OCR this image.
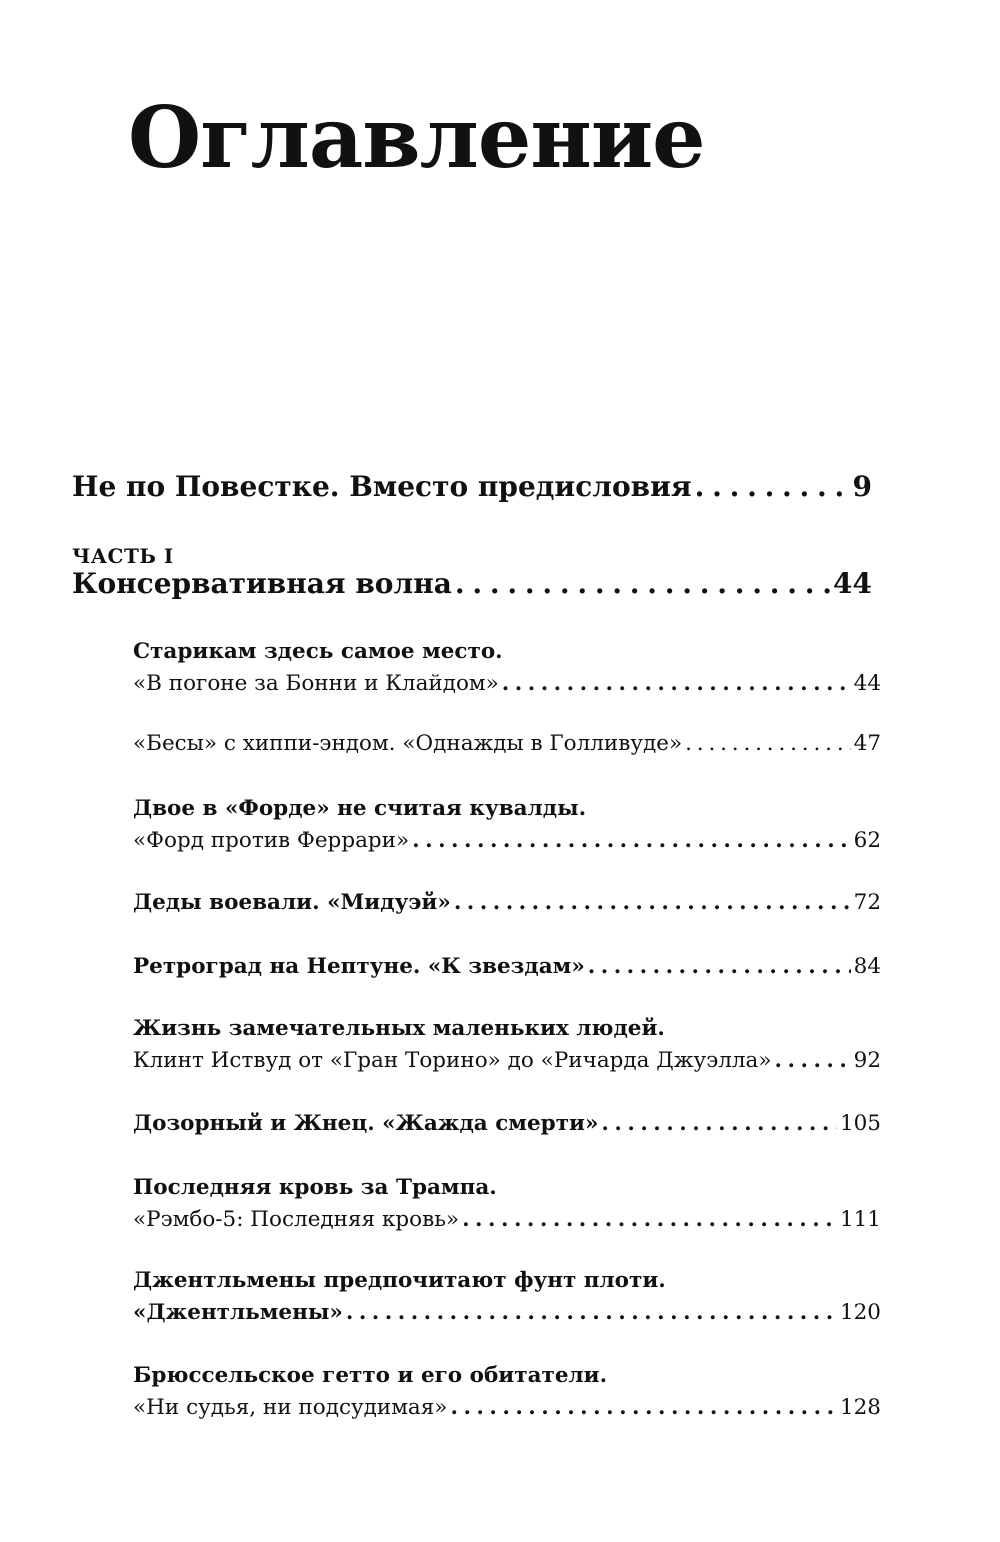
Оглавление
Не по Повестке. Вместо предисловия . . .	9
ЧАСТЬ I
Консервативная волна . . .	44
Старикам здесь самое место.
«В погоне за Бонни и Клайдом» . . .	44
«Бесы» с хиппи-эндом. «Однажды в Голливуде» . . .	47
Двое в «Форде» не считая кувалды.
«Форд против Феррари» . . .	62
Деды воевали. «Мидуэй» . . .	72
Ретроград на Нептуне. «К звездам» . . .	84
Жизнь замечательных маленьких людей.
Клинт Иствуд от «Гран Торино» до «Ричарда Джуэлла» . . .	92
Дозорный и Жнец. «Жажда смерти» . . .	105
Последняя кровь за Трампа.
«Рэмбо-5: Последняя кровь» . . .	111
Джентльмены предпочитают фунт плоти.
«Джентльмены» . . .	120
Брюссельское гетто и его обитатели.
«Ни судья, ни подсудимая» . . .	128
